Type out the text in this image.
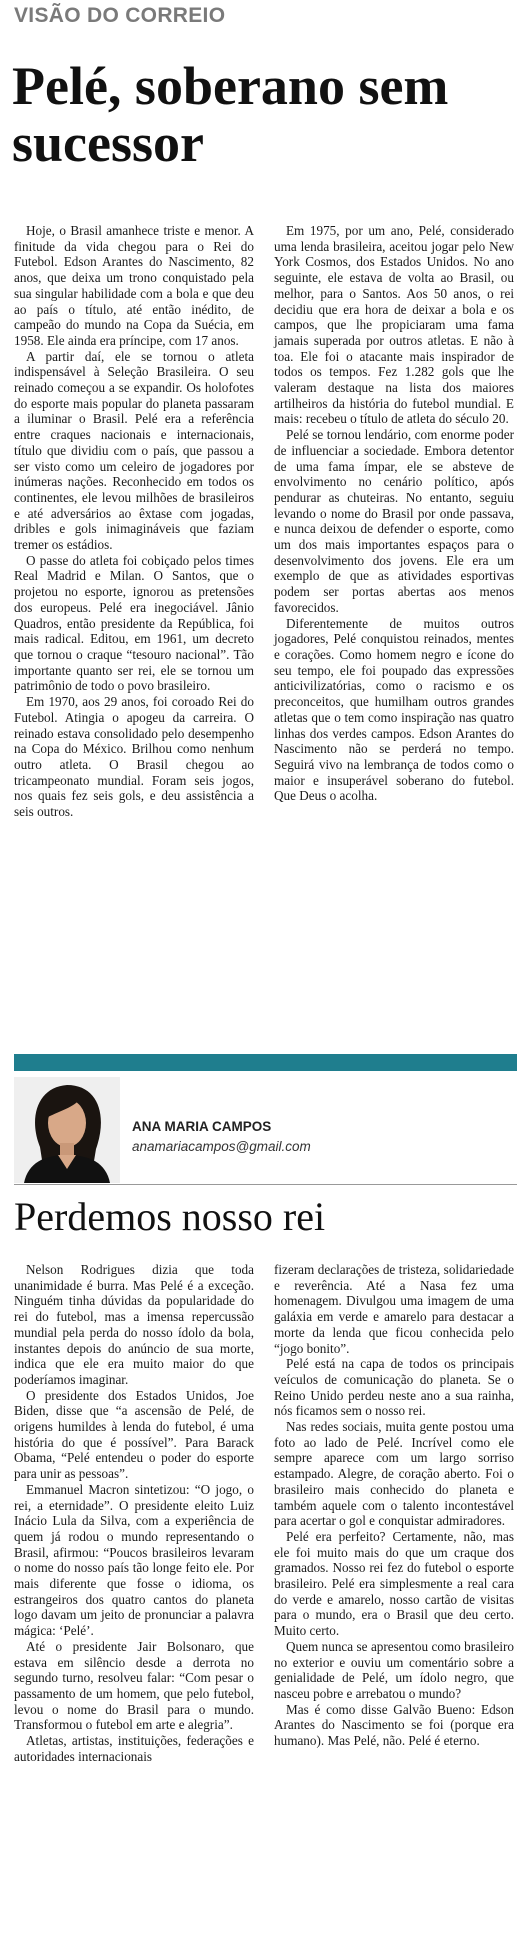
VISÃO DO CORREIO
Pelé, soberano sem sucessor

Hoje, o Brasil amanhece triste e menor. A finitude da vida chegou para o Rei do Futebol. Edson Arantes do Nascimento, 82 anos, que deixa um trono conquistado pela sua singular habilidade com a bola e que deu ao país o título, até então inédito, de campeão do mundo na Copa da Suécia, em 1958. Ele ainda era príncipe, com 17 anos.

A partir daí, ele se tornou o atleta indispensável à Seleção Brasileira. O seu reinado começou a se expandir. Os holofotes do esporte mais popular do planeta passaram a iluminar o Brasil. Pelé era a referência entre craques nacionais e internacionais, título que dividiu com o país, que passou a ser visto como um celeiro de jogadores por inúmeras nações. Reconhecido em todos os continentes, ele levou milhões de brasileiros e até adversários ao êxtase com jogadas, dribles e gols inimagináveis que faziam tremer os estádios.

O passe do atleta foi cobiçado pelos times Real Madrid e Milan. O Santos, que o projetou no esporte, ignorou as pretensões dos europeus. Pelé era inegociável. Jânio Quadros, então presidente da República, foi mais radical. Editou, em 1961, um decreto que tornou o craque “tesouro nacional”. Tão importante quanto ser rei, ele se tornou um patrimônio de todo o povo brasileiro.

Em 1970, aos 29 anos, foi coroado Rei do Futebol. Atingia o apogeu da carreira. O reinado estava consolidado pelo desempenho na Copa do México. Brilhou como nenhum outro atleta. O Brasil chegou ao tricampeonato mundial. Foram seis jogos, nos quais fez seis gols, e deu assistência a seis outros.

Em 1975, por um ano, Pelé, considerado uma lenda brasileira, aceitou jogar pelo New York Cosmos, dos Estados Unidos. No ano seguinte, ele estava de volta ao Brasil, ou melhor, para o Santos. Aos 50 anos, o rei decidiu que era hora de deixar a bola e os campos, que lhe propiciaram uma fama jamais superada por outros atletas. E não à toa. Ele foi o atacante mais inspirador de todos os tempos. Fez 1.282 gols que lhe valeram destaque na lista dos maiores artilheiros da história do futebol mundial. E mais: recebeu o título de atleta do século 20.

Pelé se tornou lendário, com enorme poder de influenciar a sociedade. Embora detentor de uma fama ímpar, ele se absteve de envolvimento no cenário político, após pendurar as chuteiras. No entanto, seguiu levando o nome do Brasil por onde passava, e nunca deixou de defender o esporte, como um dos mais importantes espaços para o desenvolvimento dos jovens. Ele era um exemplo de que as atividades esportivas podem ser portas abertas aos menos favorecidos.

Diferentemente de muitos outros jogadores, Pelé conquistou reinados, mentes e corações. Como homem negro e ícone do seu tempo, ele foi poupado das expressões anticivilizatórias, como o racismo e os preconceitos, que humilham outros grandes atletas que o tem como inspiração nas quatro linhas dos verdes campos. Edson Arantes do Nascimento não se perderá no tempo. Seguirá vivo na lembrança de todos como o maior e insuperável soberano do futebol. Que Deus o acolha.

ANA MARIA CAMPOS
anamariacampos@gmail.com
Perdemos nosso rei

Nelson Rodrigues dizia que toda unanimidade é burra. Mas Pelé é a exceção. Ninguém tinha dúvidas da popularidade do rei do futebol, mas a imensa repercussão mundial pela perda do nosso ídolo da bola, instantes depois do anúncio de sua morte, indica que ele era muito maior do que poderíamos imaginar.

O presidente dos Estados Unidos, Joe Biden, disse que “a ascensão de Pelé, de origens humildes à lenda do futebol, é uma história do que é possível”. Para Barack Obama, “Pelé entendeu o poder do esporte para unir as pessoas”.

Emmanuel Macron sintetizou: “O jogo, o rei, a eternidade”. O presidente eleito Luiz Inácio Lula da Silva, com a experiência de quem já rodou o mundo representando o Brasil, afirmou: “Poucos brasileiros levaram o nome do nosso país tão longe feito ele. Por mais diferente que fosse o idioma, os estrangeiros dos quatro cantos do planeta logo davam um jeito de pronunciar a palavra mágica: ‘Pelé’.

Até o presidente Jair Bolsonaro, que estava em silêncio desde a derrota no segundo turno, resolveu falar: “Com pesar o passamento de um homem, que pelo futebol, levou o nome do Brasil para o mundo. Transformou o futebol em arte e alegria”.

Atletas, artistas, instituições, federações e autoridades internacionais

fizeram declarações de tristeza, solidariedade e reverência. Até a Nasa fez uma homenagem. Divulgou uma imagem de uma galáxia em verde e amarelo para destacar a morte da lenda que ficou conhecida pelo “jogo bonito”.

Pelé está na capa de todos os principais veículos de comunicação do planeta. Se o Reino Unido perdeu neste ano a sua rainha, nós ficamos sem o nosso rei.

Nas redes sociais, muita gente postou uma foto ao lado de Pelé. Incrível como ele sempre aparece com um largo sorriso estampado. Alegre, de coração aberto. Foi o brasileiro mais conhecido do planeta e também aquele com o talento incontestável para acertar o gol e conquistar admiradores.

Pelé era perfeito? Certamente, não, mas ele foi muito mais do que um craque dos gramados. Nosso rei fez do futebol o esporte brasileiro. Pelé era simplesmente a real cara do verde e amarelo, nosso cartão de visitas para o mundo, era o Brasil que deu certo. Muito certo.

Quem nunca se apresentou como brasileiro no exterior e ouviu um comentário sobre a genialidade de Pelé, um ídolo negro, que nasceu pobre e arrebatou o mundo?

Mas é como disse Galvão Bueno: Edson Arantes do Nascimento se foi (porque era humano). Mas Pelé, não. Pelé é eterno.
